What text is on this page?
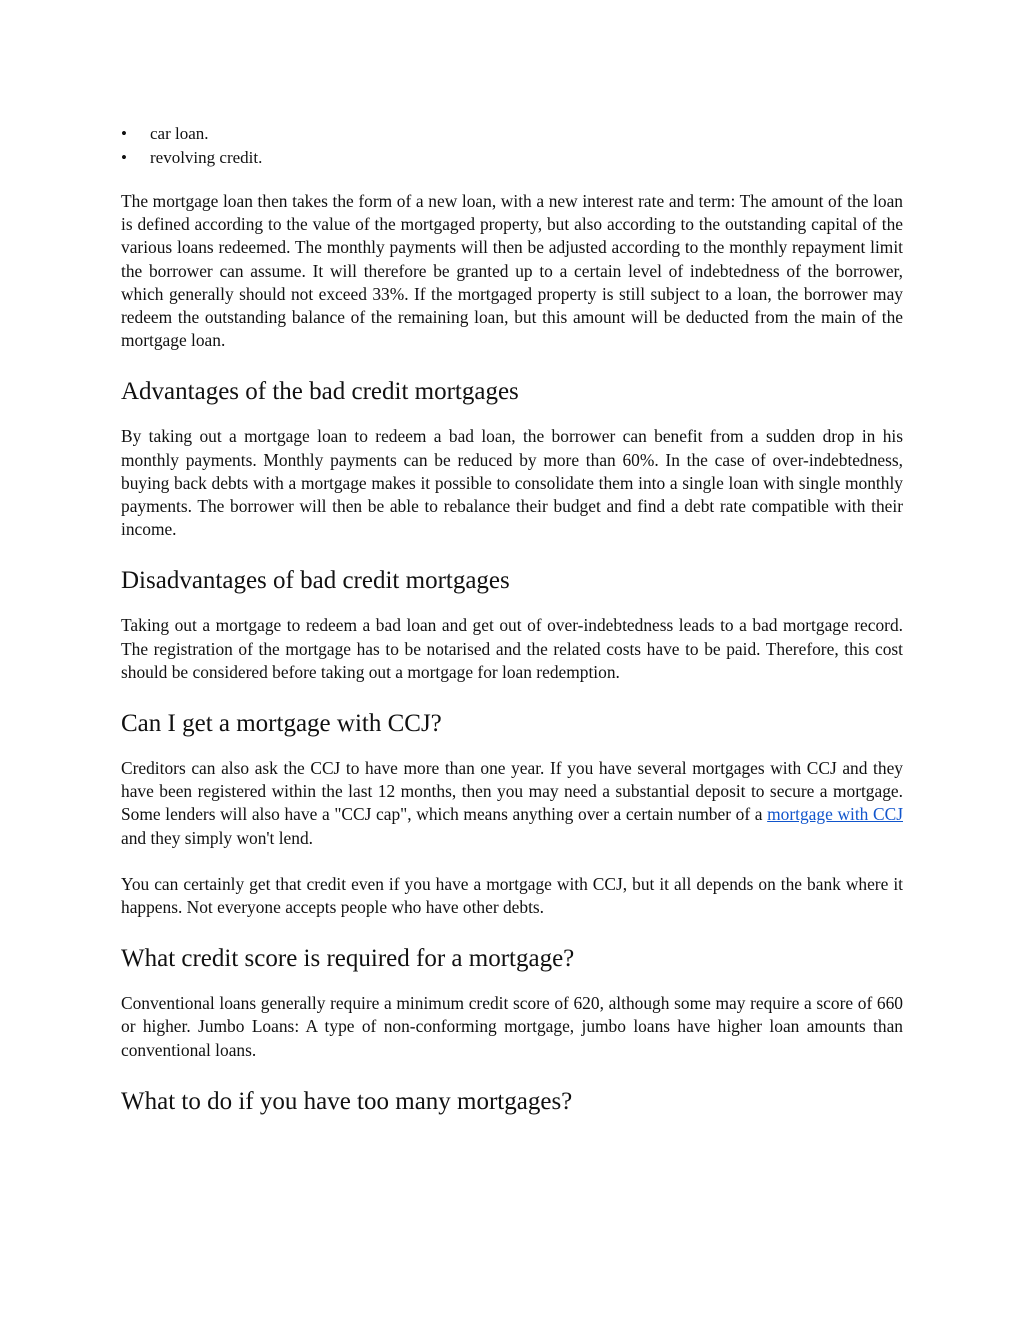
• car loan.
• revolving credit.

The mortgage loan then takes the form of a new loan, with a new interest rate and term: The amount of the loan is defined according to the value of the mortgaged property, but also according to the outstanding capital of the various loans redeemed. The monthly payments will then be adjusted according to the monthly repayment limit the borrower can assume. It will therefore be granted up to a certain level of indebtedness of the borrower, which generally should not exceed 33%. If the mortgaged property is still subject to a loan, the borrower may redeem the outstanding balance of the remaining loan, but this amount will be deducted from the main of the mortgage loan.

Advantages of the bad credit mortgages

By taking out a mortgage loan to redeem a bad loan, the borrower can benefit from a sudden drop in his monthly payments. Monthly payments can be reduced by more than 60%. In the case of over-indebtedness, buying back debts with a mortgage makes it possible to consolidate them into a single loan with single monthly payments. The borrower will then be able to rebalance their budget and find a debt rate compatible with their income.

Disadvantages of bad credit mortgages

Taking out a mortgage to redeem a bad loan and get out of over-indebtedness leads to a bad mortgage record. The registration of the mortgage has to be notarised and the related costs have to be paid. Therefore, this cost should be considered before taking out a mortgage for loan redemption.

Can I get a mortgage with CCJ?

Creditors can also ask the CCJ to have more than one year. If you have several mortgages with CCJ and they have been registered within the last 12 months, then you may need a substantial deposit to secure a mortgage. Some lenders will also have a "CCJ cap", which means anything over a certain number of a mortgage with CCJ and they simply won't lend.

You can certainly get that credit even if you have a mortgage with CCJ, but it all depends on the bank where it happens. Not everyone accepts people who have other debts.

What credit score is required for a mortgage?

Conventional loans generally require a minimum credit score of 620, although some may require a score of 660 or higher. Jumbo Loans: A type of non-conforming mortgage, jumbo loans have higher loan amounts than conventional loans.

What to do if you have too many mortgages?
